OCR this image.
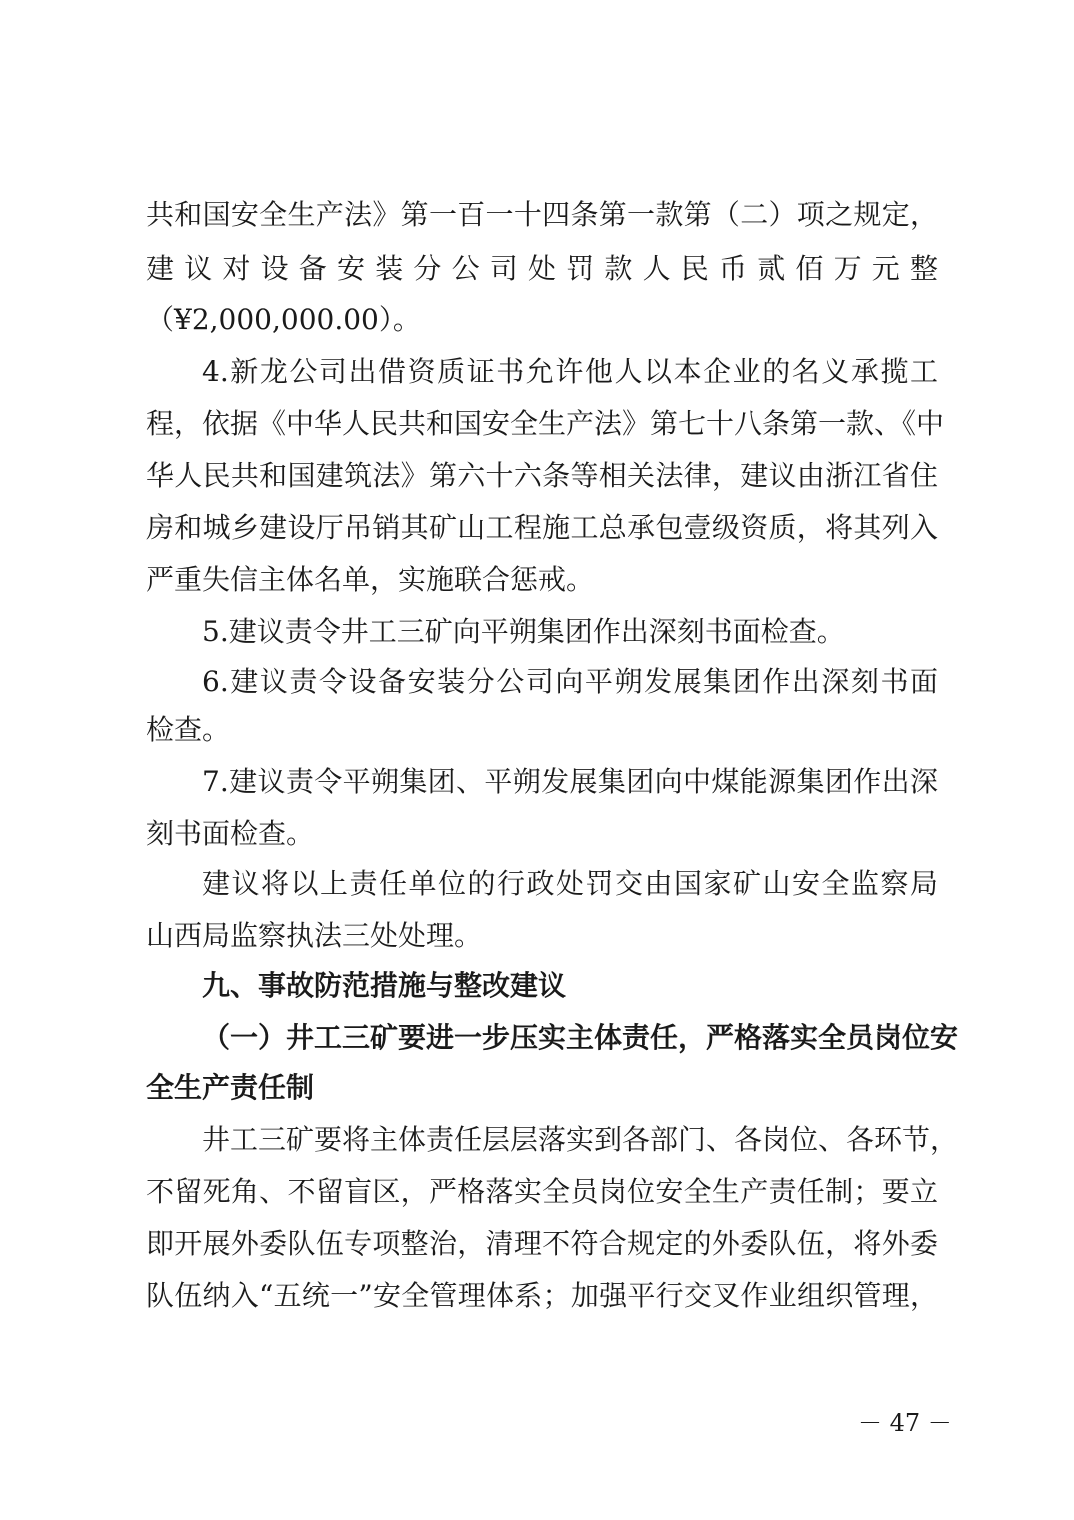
共和国安全生产法》第一百一十四条第一款第（二）项之规定，
建议对设备安装分公司处罚款人民币贰佰万元整
（¥2,000,000.00）。
4.新龙公司出借资质证书允许他人以本企业的名义承揽工
程，依据《中华人民共和国安全生产法》第七十八条第一款、《中
华人民共和国建筑法》第六十六条等相关法律，建议由浙江省住
房和城乡建设厅吊销其矿山工程施工总承包壹级资质，将其列入
严重失信主体名单，实施联合惩戒。
5.建议责令井工三矿向平朔集团作出深刻书面检查。
6.建议责令设备安装分公司向平朔发展集团作出深刻书面
检查。
7.建议责令平朔集团、平朔发展集团向中煤能源集团作出深
刻书面检查。
建议将以上责任单位的行政处罚交由国家矿山安全监察局
山西局监察执法三处处理。
九、事故防范措施与整改建议
（一）井工三矿要进一步压实主体责任，严格落实全员岗位安
全生产责任制
井工三矿要将主体责任层层落实到各部门、各岗位、各环节，
不留死角、不留盲区，严格落实全员岗位安全生产责任制；要立
即开展外委队伍专项整治，清理不符合规定的外委队伍，将外委
队伍纳入“五统一”安全管理体系；加强平行交叉作业组织管理，
－ 47 －
